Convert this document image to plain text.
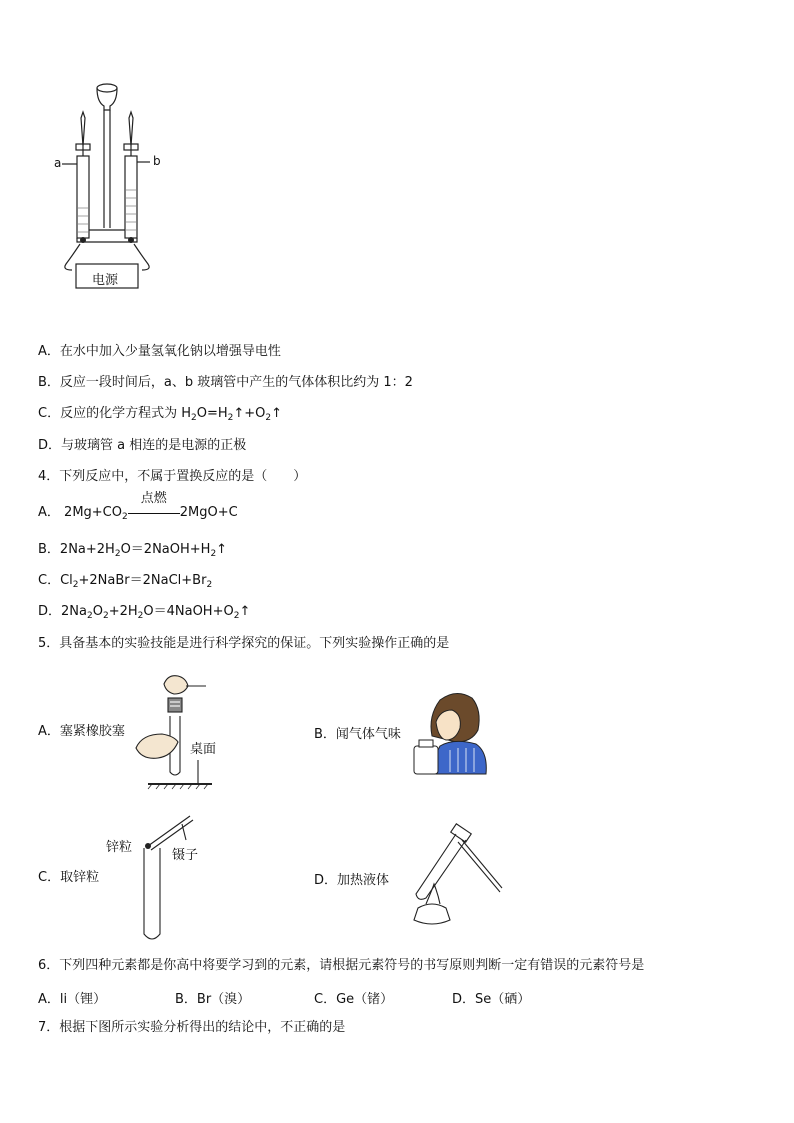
a	b
电源
A．在水中加入少量氢氧化钠以增强导电性
B．反应一段时间后，a、b 玻璃管中产生的气体体积比约为 1：2
C．反应的化学方程式为 $H_2O=H_2↑+O_2↑$
D．与玻璃管 a 相连的是电源的正极
4．下列反应中，不属于置换反应的是（　　）
A． $2Mg+CO_2$
点燃
2MgO+C
B．$2Na+2H_2O=2NaOH+H_2↑$
C．$Cl_2+2NaBr=2NaCl+Br_2$
D．$2Na_2O_2+2H_2O=4NaOH+O_2↑$
5．具备基本的实验技能是进行科学探究的保证。下列实验操作正确的是
A．塞紧橡胶塞
桌面
B．闻气体气味
C．取锌粒
锌粒
镊子
D．加热液体
6．下列四种元素都是你高中将要学习到的元素，请根据元素符号的书写原则判断一定有错误的元素符号是
A．li（锂）	B．Br（溴）	C．Ge（锗）	D．Se（硒）
7．根据下图所示实验分析得出的结论中，不正确的是
